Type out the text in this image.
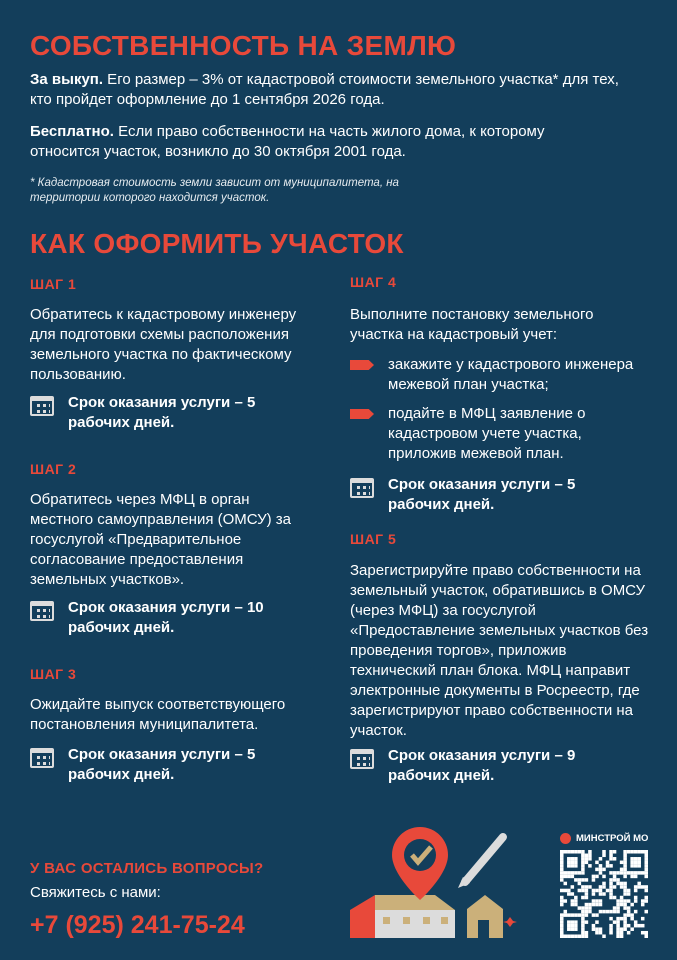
СОБСТВЕННОСТЬ НА ЗЕМЛЮ
За выкуп. Его размер – 3% от кадастровой стоимости земельного участка* для тех, кто пройдет оформление до 1 сентября 2026 года.
Бесплатно. Если право собственности на часть жилого дома, к которому относится участок, возникло до 30 октября 2001 года.
* Кадастровая стоимость земли зависит от муниципалитета, на территории которого находится участок.
КАК ОФОРМИТЬ УЧАСТОК
ШАГ 1
Обратитесь к кадастровому инженеру для подготовки схемы расположения земельного участка по фактическому пользованию.
Срок оказания услуги – 5 рабочих дней.
ШАГ 2
Обратитесь через МФЦ в орган местного самоуправления (ОМСУ) за госуслугой «Предварительное согласование предоставления земельных участков».
Срок оказания услуги – 10 рабочих дней.
ШАГ 3
Ожидайте выпуск соответствующего постановления муниципалитета.
Срок оказания услуги – 5 рабочих дней.
ШАГ 4
Выполните постановку земельного участка на кадастровый учет:
закажите у кадастрового инженера межевой план участка;
подайте в МФЦ заявление о кадастровом учете участка, приложив межевой план.
Срок оказания услуги – 5 рабочих дней.
ШАГ 5
Зарегистрируйте право собственности на земельный участок, обратившись в ОМСУ (через МФЦ) за госуслугой «Предоставление земельных участков без проведения торгов», приложив технический план блока. МФЦ направит электронные документы в Росреестр, где зарегистрируют право собственности на участок.
Срок оказания услуги – 9 рабочих дней.
У ВАС ОСТАЛИСЬ ВОПРОСЫ?
Свяжитесь с нами:
+7 (925) 241-75-24
МИНСТРОЙ МО
